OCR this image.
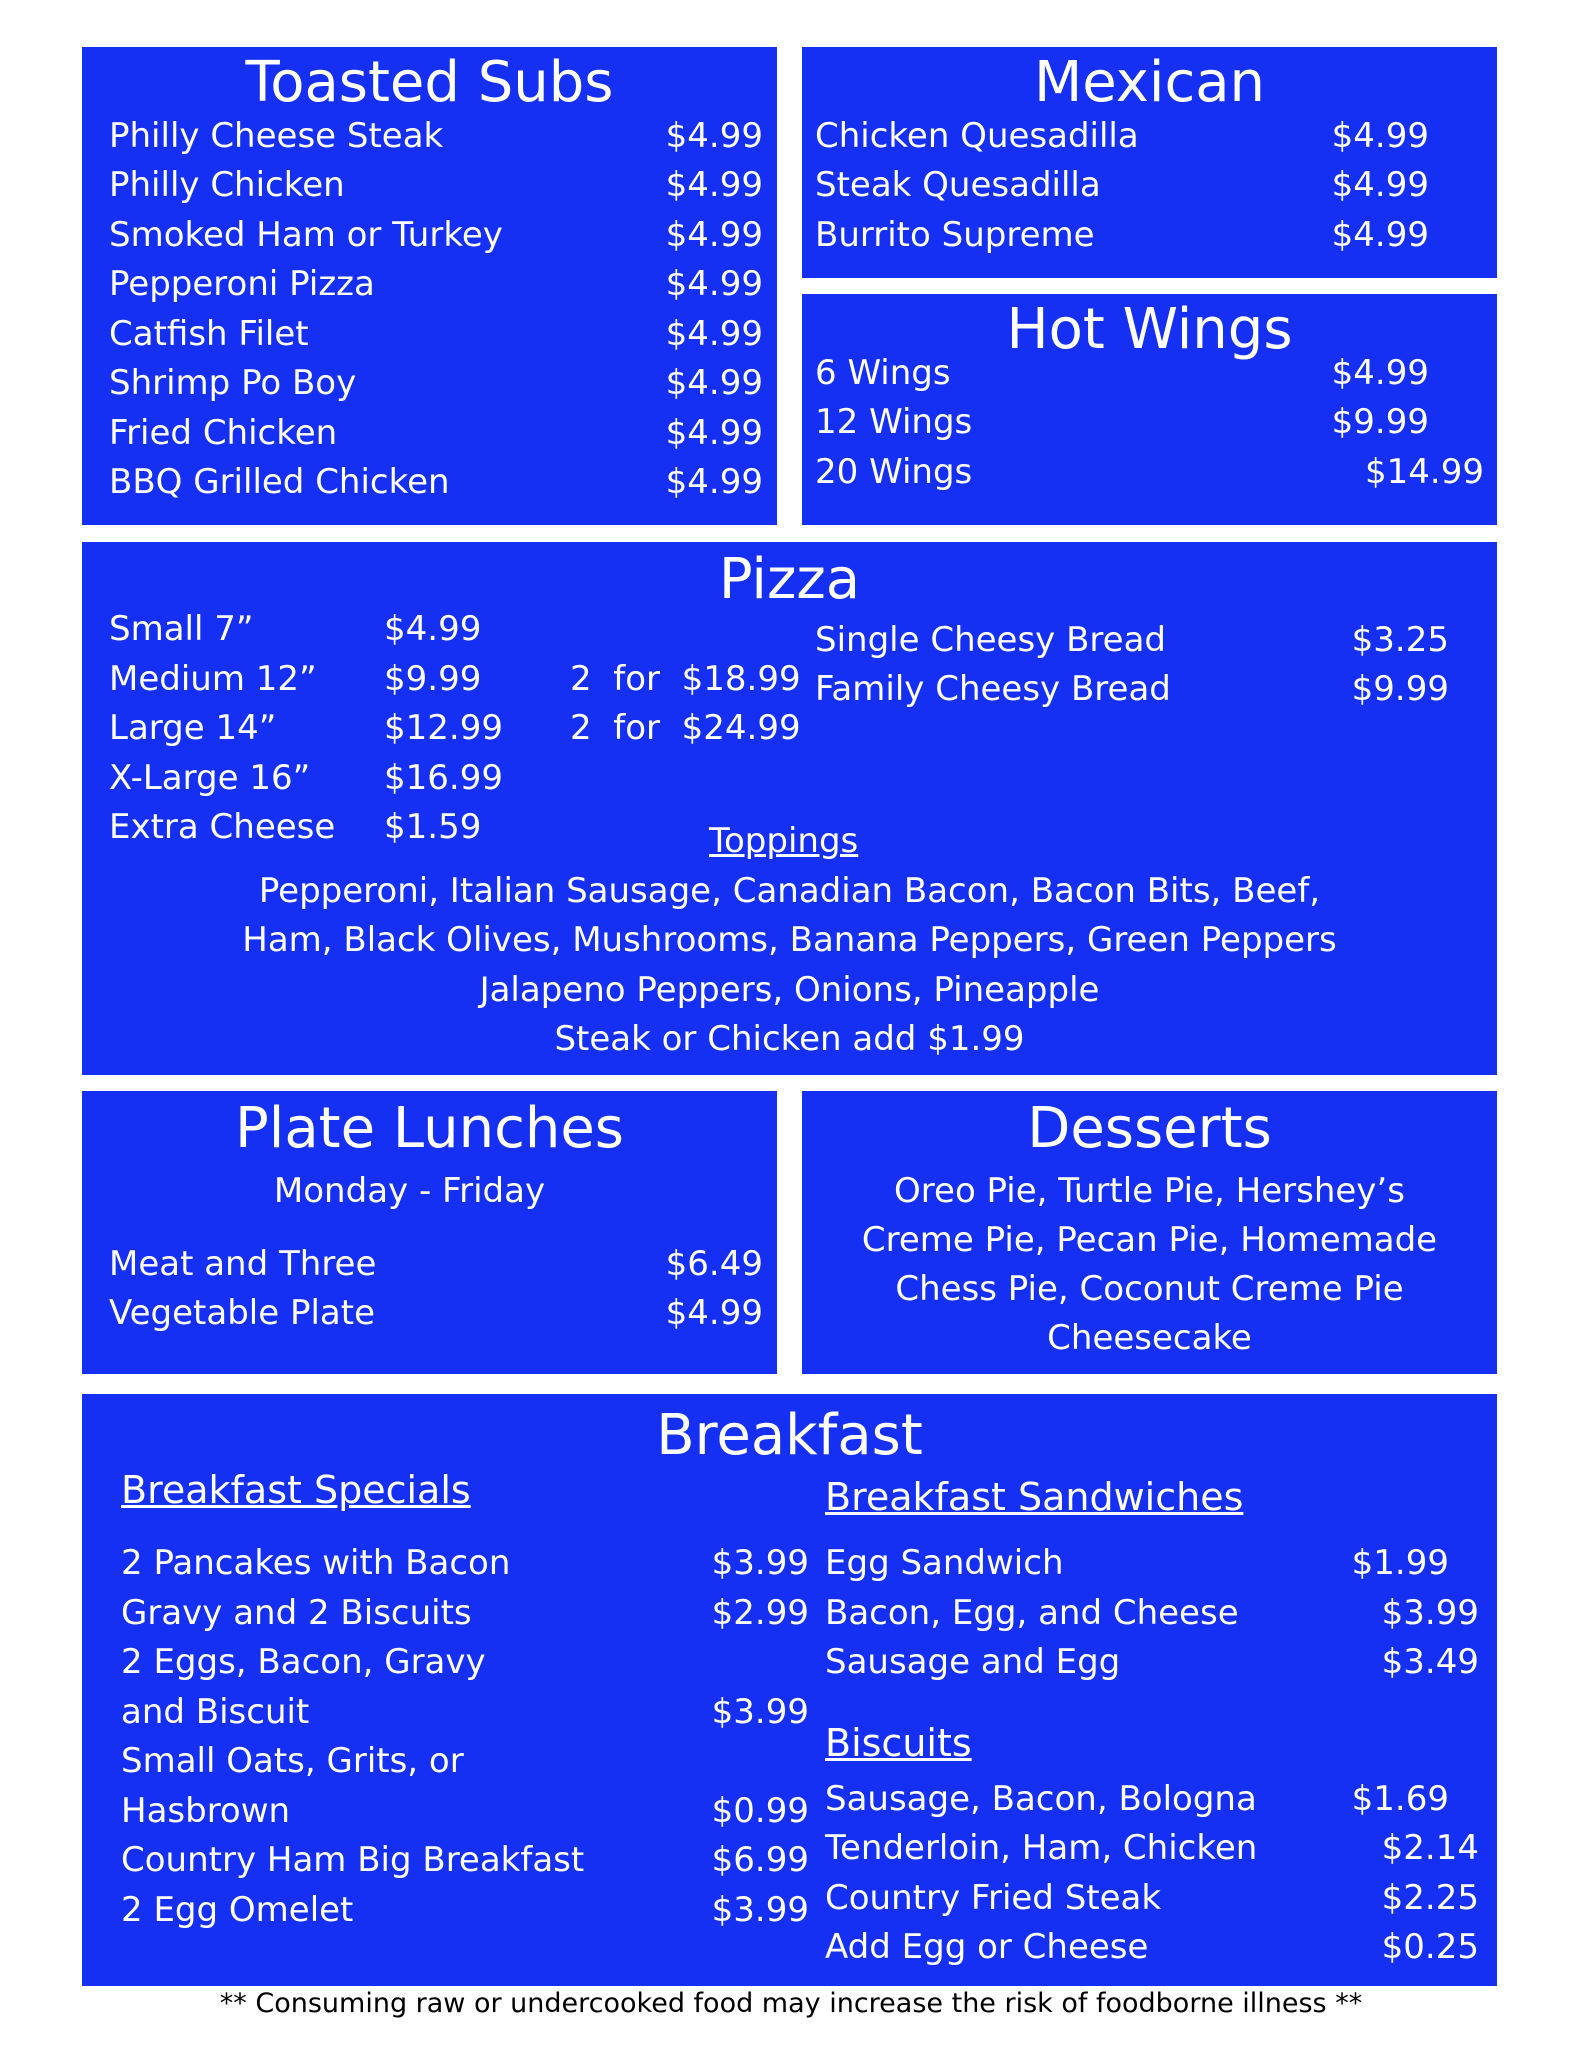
Toasted Subs
Philly Cheese Steak	$4.99
Philly Chicken	$4.99
Smoked Ham or Turkey	$4.99
Pepperoni Pizza	$4.99
Catfish Filet	$4.99
Shrimp Po Boy	$4.99
Fried Chicken	$4.99
BBQ Grilled Chicken	$4.99
Mexican
Chicken Quesadilla	$4.99
Steak Quesadilla	$4.99
Burrito Supreme	$4.99
Hot Wings
6 Wings	$4.99
12 Wings	$9.99
20 Wings	$14.99
Pizza
Small 7”	$4.99
Medium 12” $9.99	2  for  $18.99
Large 14”	$12.99 2  for  $24.99
X-Large 16” $16.99
Extra Cheese $1.59
Single Cheesy Bread	$3.25
Family Cheesy Bread	$9.99
Toppings
Pepperoni, Italian Sausage, Canadian Bacon, Bacon Bits, Beef,
Ham, Black Olives, Mushrooms, Banana Peppers, Green Peppers
Jalapeno Peppers, Onions, Pineapple
Steak or Chicken add $1.99
Plate Lunches
Monday - Friday
Meat and Three	$6.49
Vegetable Plate	$4.99
Desserts
Oreo Pie, Turtle Pie, Hershey’s
Creme Pie, Pecan Pie, Homemade
Chess Pie, Coconut Creme Pie
Cheesecake
Breakfast
Breakfast Specials
2 Pancakes with Bacon	$3.99
Gravy and 2 Biscuits	$2.99
2 Eggs, Bacon, Gravy
and Biscuit	$3.99
Small Oats, Grits, or
Hasbrown	$0.99
Country Ham Big Breakfast	$6.99
2 Egg Omelet	$3.99
Breakfast Sandwiches
Egg Sandwich	$1.99
Bacon, Egg, and Cheese	$3.99
Sausage and Egg	$3.49
Biscuits
Sausage, Bacon, Bologna	$1.69
Tenderloin, Ham, Chicken	$2.14
Country Fried Steak	$2.25
Add Egg or Cheese	$0.25
** Consuming raw or undercooked food may increase the risk of foodborne illness **
